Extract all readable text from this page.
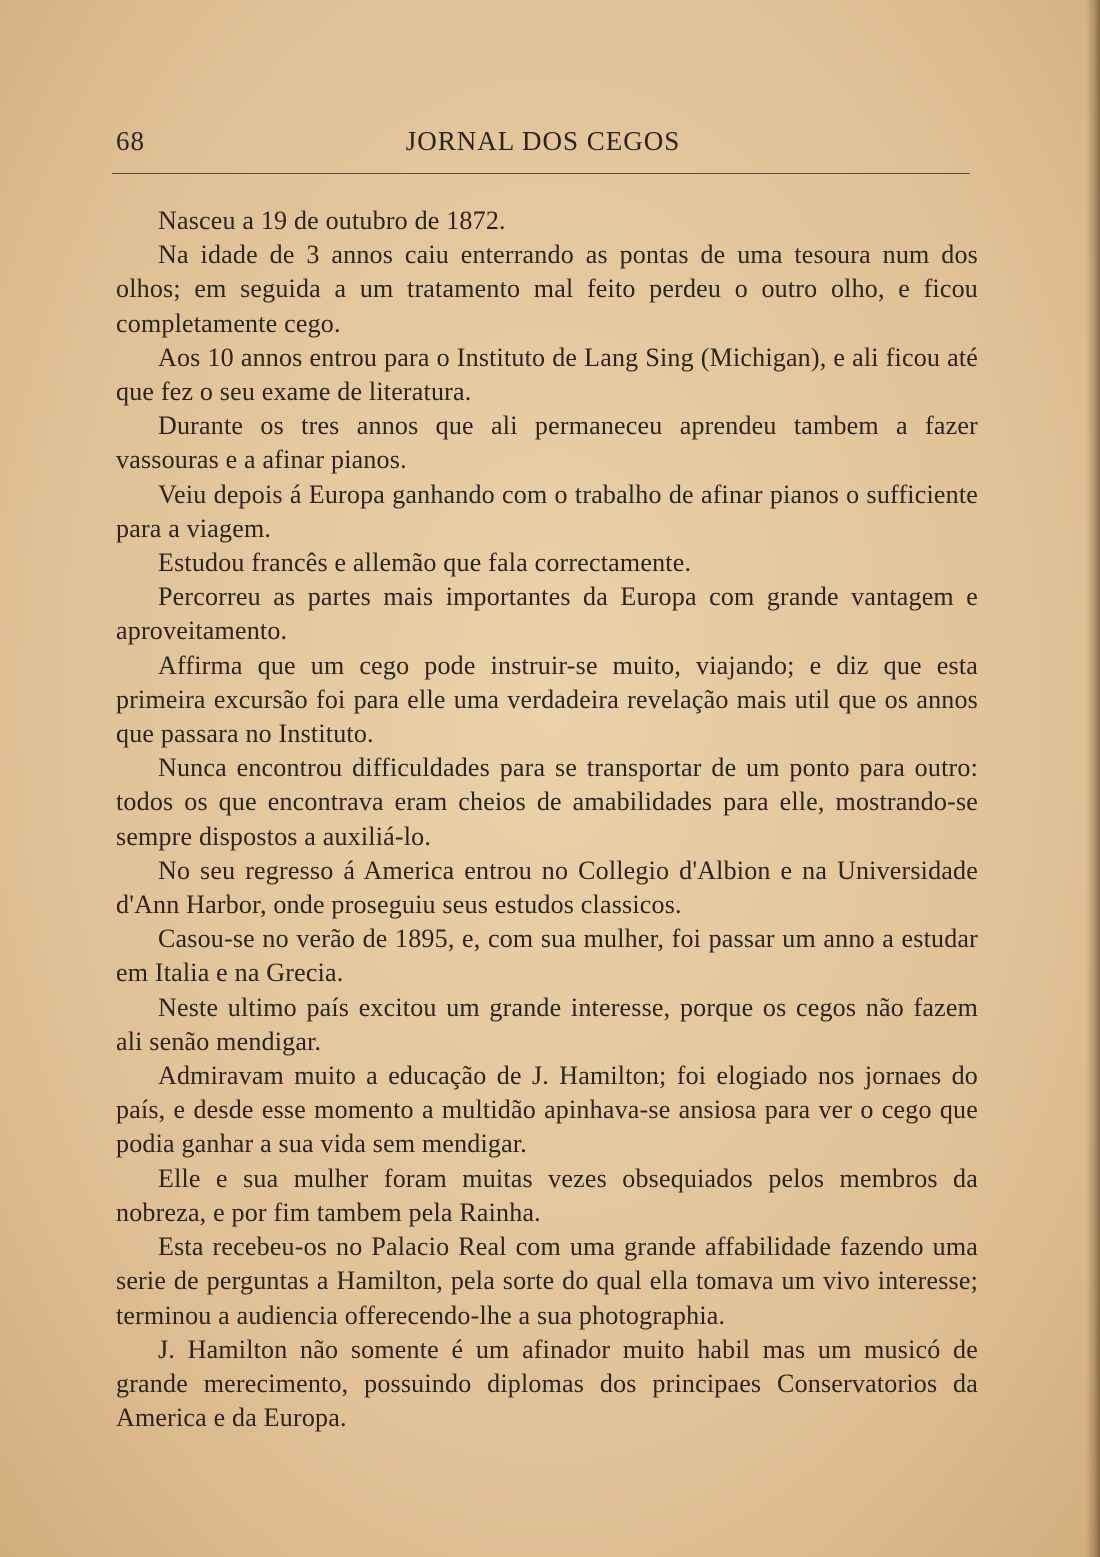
68	JORNAL DOS CEGOS

Nasceu a 19 de outubro de 1872.

Na idade de 3 annos caiu enterrando as pontas de uma tesoura num dos olhos; em seguida a um tratamento mal feito perdeu o outro olho, e ficou completamente cego.

Aos 10 annos entrou para o Instituto de Lang Sing (Michigan), e ali ficou até que fez o seu exame de literatura.

Durante os tres annos que ali permaneceu aprendeu tambem a fazer vassouras e a afinar pianos.

Veiu depois á Europa ganhando com o trabalho de afinar pianos o sufficiente para a viagem.

Estudou francês e allemão que fala correctamente.

Percorreu as partes mais importantes da Europa com grande vantagem e aproveitamento.

Affirma que um cego pode instruir-se muito, viajando; e diz que esta primeira excursão foi para elle uma verdadeira revelação mais util que os annos que passara no Instituto.

Nunca encontrou difficuldades para se transportar de um ponto para outro: todos os que encontrava eram cheios de amabilidades para elle, mostrando-se sempre dispostos a auxiliá-lo.

No seu regresso á America entrou no Collegio d'Albion e na Universidade d'Ann Harbor, onde proseguiu seus estudos classicos.

Casou-se no verão de 1895, e, com sua mulher, foi passar um anno a estudar em Italia e na Grecia.

Neste ultimo país excitou um grande interesse, porque os cegos não fazem ali senão mendigar.

Admiravam muito a educação de J. Hamilton; foi elogiado nos jornaes do país, e desde esse momento a multidão apinhava-se ansiosa para ver o cego que podia ganhar a sua vida sem mendigar.

Elle e sua mulher foram muitas vezes obsequiados pelos membros da nobreza, e por fim tambem pela Rainha.

Esta recebeu-os no Palacio Real com uma grande affabilidade fazendo uma serie de perguntas a Hamilton, pela sorte do qual ella tomava um vivo interesse; terminou a audiencia offerecendo-lhe a sua photographia.

J. Hamilton não somente é um afinador muito habil mas um musicó de grande merecimento, possuindo diplomas dos principaes Conservatorios da America e da Europa.
